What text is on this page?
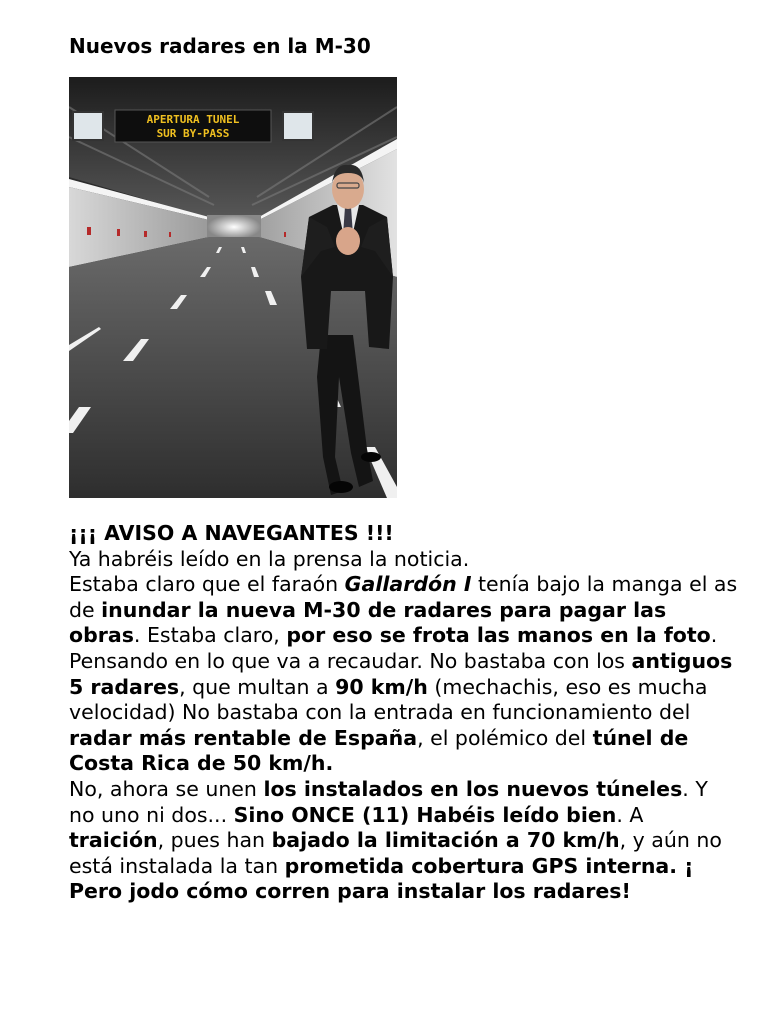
Nuevos radares en la M-30
APERTURA TUNEL
SUR BY-PASS

¡¡¡ AVISO A NAVEGANTES !!!

Ya habréis leído en la prensa la noticia.

Estaba claro que el faraón Gallardón I tenía bajo la manga el as de inundar la nueva M-30 de radares para pagar las obras. Estaba claro, por eso se frota las manos en la foto. Pensando en lo que va a recaudar. No bastaba con los antiguos 5 radares, que multan a 90 km/h (mechachis, eso es mucha velocidad) No bastaba con la entrada en funcionamiento del radar más rentable de España, el polémico del túnel de Costa Rica de 50 km/h.

No, ahora se unen los instalados en los nuevos túneles. Y no uno ni dos... Sino ONCE (11) Habéis leído bien. A traición, pues han bajado la limitación a 70 km/h, y aún no está instalada la tan prometida cobertura GPS interna. ¡ Pero jodo cómo corren para instalar los radares!
